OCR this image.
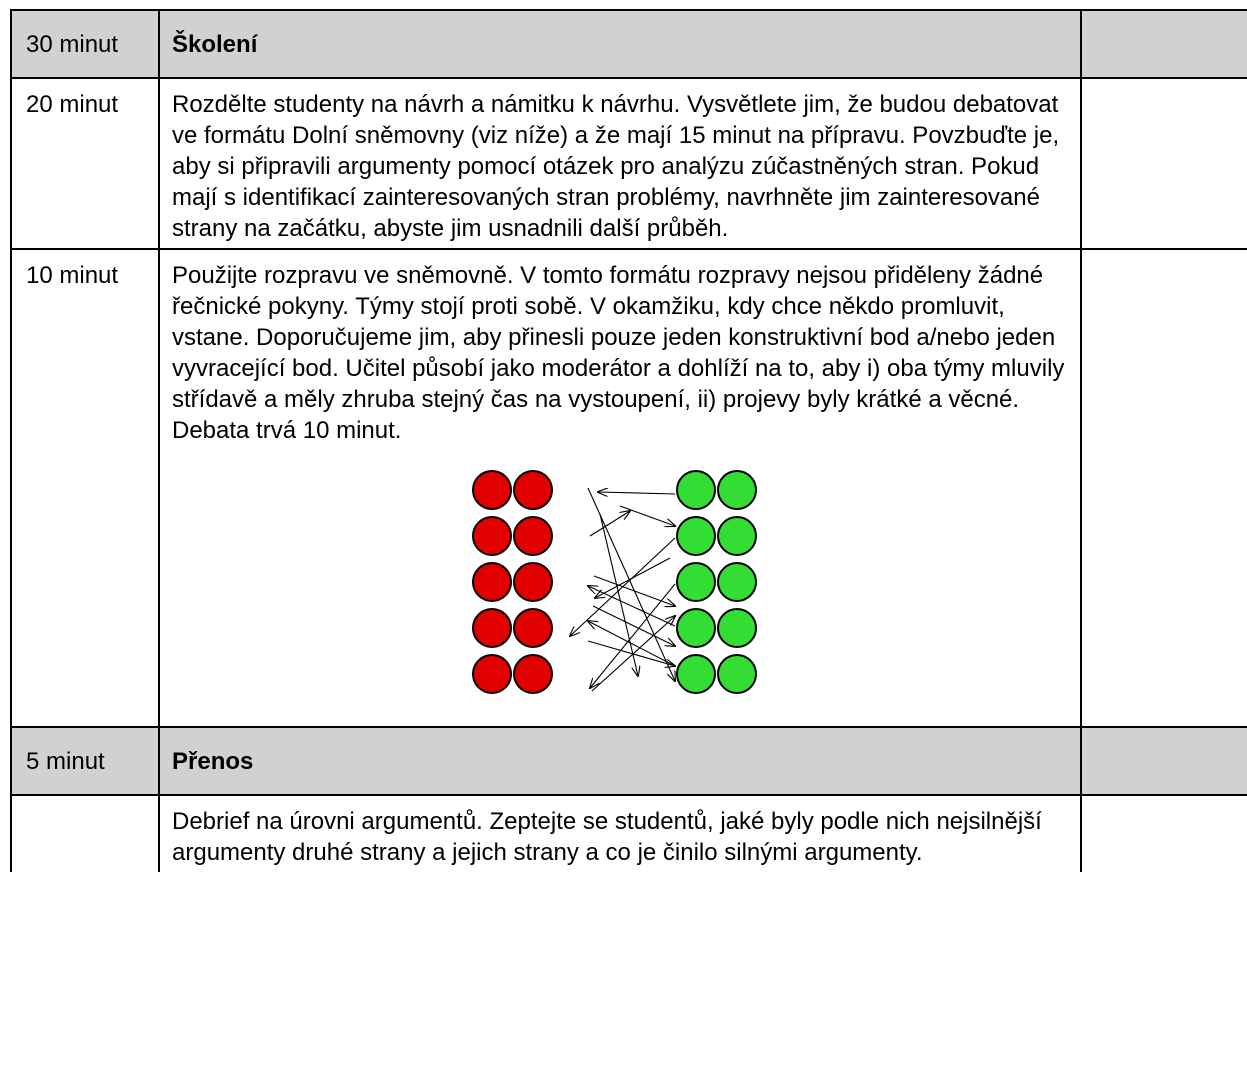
30 minut	Školení	
20 minut	Rozdělte studenty na návrh a námitku k návrhu. Vysvětlete jim, že budou debatovat ve formátu Dolní sněmovny (viz níže) a že mají 15 minut na přípravu. Povzbuďte je, aby si připravili argumenty pomocí otázek pro analýzu zúčastněných stran. Pokud mají s identifikací zainteresovaných stran problémy, navrhněte jim zainteresované strany na začátku, abyste jim usnadnili další průběh.	
10 minut	Použijte rozpravu ve sněmovně. V tomto formátu rozpravy nejsou přiděleny žádné řečnické pokyny. Týmy stojí proti sobě. V okamžiku, kdy chce někdo promluvit, vstane. Doporučujeme jim, aby přinesli pouze jeden konstruktivní bod a/nebo jeden vyvracející bod. Učitel působí jako moderátor a dohlíží na to, aby i) oba týmy mluvily střídavě a měly zhruba stejný čas na vystoupení, ii) projevy byly krátké a věcné. Debata trvá 10 minut.	

5 minut	Přenos	
	Debrief na úrovni argumentů. Zeptejte se studentů, jaké byly podle nich nejsilnější argumenty druhé strany a jejich strany a co je činilo silnými argumenty.	
